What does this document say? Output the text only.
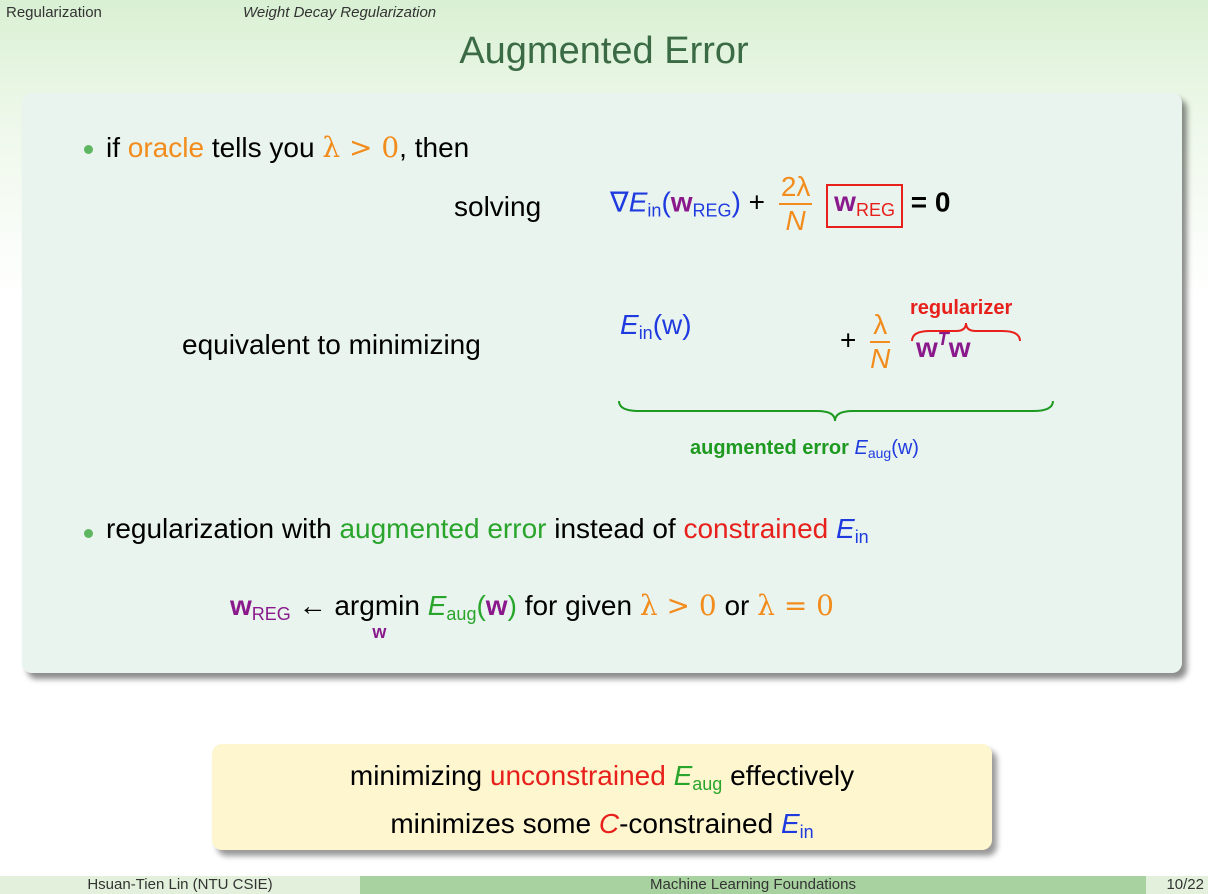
Regularization	Weight Decay Regularization
Augmented Error
if oracle tells you λ > 0, then
solving $\nabla E_{in}(w_{REG}) + \frac{2\lambda}{N} w_{REG} = 0$
regularizer
equivalent to minimizing
$E_{in}(w)$	+ $\frac{\lambda}{N} w^Tw$
augmented error $E_{aug}(w)$
regularization with augmented error instead of constrained $E_{in}$
$w_{REG}$ ← argmin
w
$E_{aug}(w)$ for given λ > 0 or λ = 0
minimizing unconstrained $E_{aug}$ effectively
minimizes some C-constrained $E_{in}$
Hsuan-Tien Lin (NTU CSIE)	Machine Learning Foundations	10/22
